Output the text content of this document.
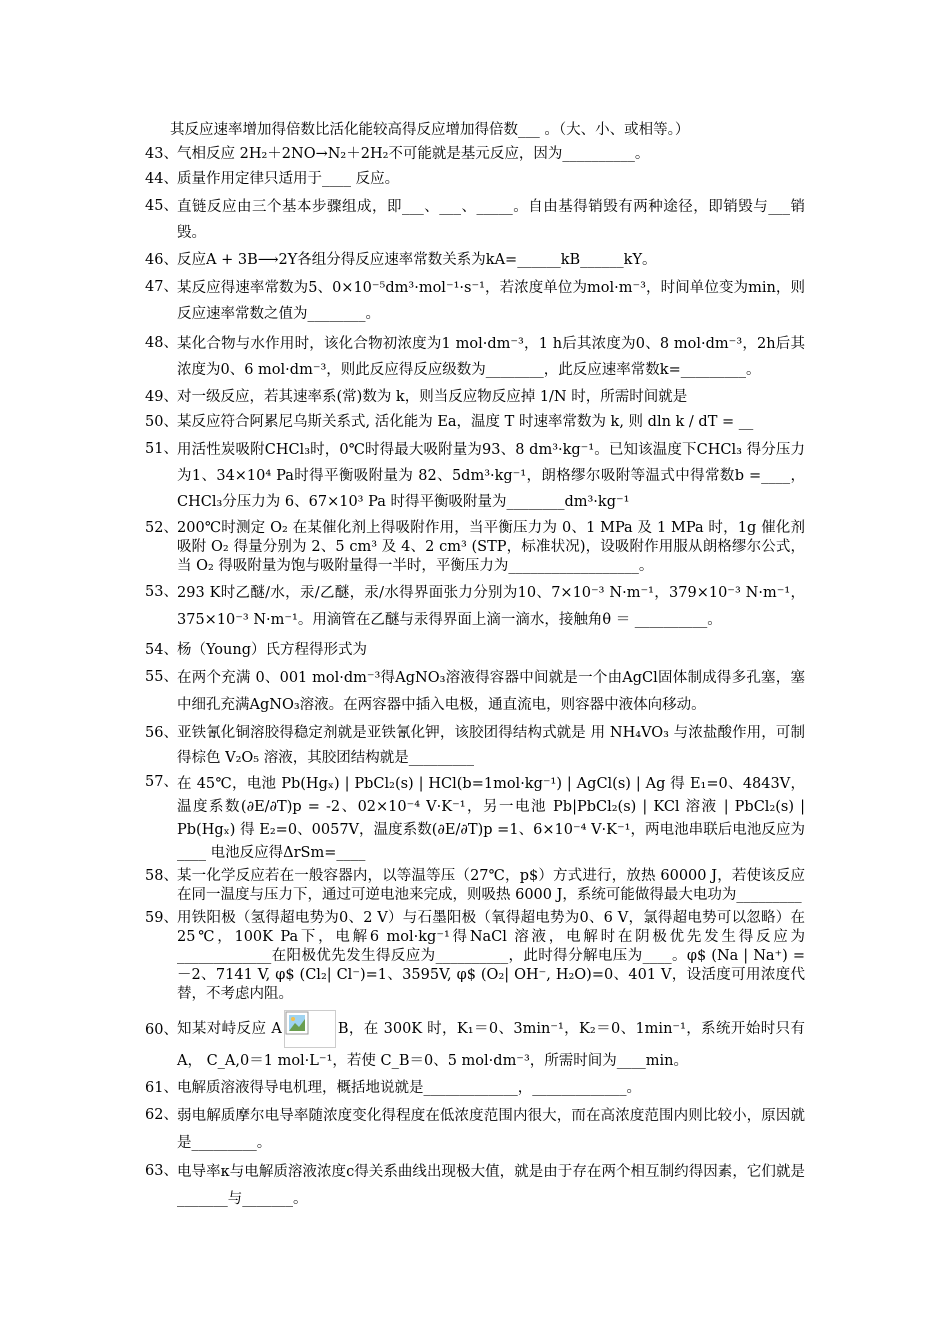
其反应速率增加得倍数比活化能较高得反应增加得倍数___ 。（大、小、或相等。）
43、 气相反应 2H₂＋2NO→N₂＋2H₂不可能就是基元反应，因为__________。
44、 质量作用定律只适用于____ 反应。
45、 直链反应由三个基本步骤组成，即___、___、_____。自由基得销毁有两种途径，即销毁与___销毁。
46、 反应A + 3B⟶2Y各组分得反应速率常数关系为kA=______kB______kY。
47、 某反应得速率常数为5、0×10⁻⁵dm³·mol⁻¹·s⁻¹，若浓度单位为mol·m⁻³，时间单位变为min，则反应速率常数之值为________。
48、 某化合物与水作用时，该化合物初浓度为1 mol·dm⁻³，1 h后其浓度为0、8 mol·dm⁻³，2h后其浓度为0、6 mol·dm⁻³，则此反应得反应级数为________，此反应速率常数k=_________。
49、 对一级反应，若其速率系(常)数为 k，则当反应物反应掉 1/N 时，所需时间就是
50、 某反应符合阿累尼乌斯关系式, 活化能为 Ea，温度 T 时速率常数为 k, 则 dln k / dT = __
51、 用活性炭吸附CHCl₃时，0℃时得最大吸附量为93、8 dm³·kg⁻¹。已知该温度下CHCl₃ 得分压力为1、34×10⁴ Pa时得平衡吸附量为 82、5dm³·kg⁻¹，朗格缪尔吸附等温式中得常数b =____，CHCl₃分压力为 6、67×10³ Pa 时得平衡吸附量为________dm³·kg⁻¹
52、 200℃时测定 O₂ 在某催化剂上得吸附作用，当平衡压力为 0、1 MPa 及 1 MPa 时，1g 催化剂吸附 O₂ 得量分别为 2、5 cm³ 及 4、2 cm³ (STP，标准状况)，设吸附作用服从朗格缪尔公式，当 O₂ 得吸附量为饱与吸附量得一半时，平衡压力为__________________。
53、 293 K时乙醚/水，汞/乙醚，汞/水得界面张力分别为10、7×10⁻³ N·m⁻¹，379×10⁻³ N·m⁻¹，375×10⁻³ N·m⁻¹。用滴管在乙醚与汞得界面上滴一滴水，接触角θ ＝ __________。
54、 杨（Young）氏方程得形式为
55、 在两个充满 0、001 mol·dm⁻³得AgNO₃溶液得容器中间就是一个由AgCl固体制成得多孔塞，塞中细孔充满AgNO₃溶液。在两容器中插入电极，通直流电，则容器中液体向移动。
56、 亚铁氰化铜溶胶得稳定剂就是亚铁氰化钾，该胶团得结构式就是 用 NH₄VO₃ 与浓盐酸作用，可制得棕色 V₂O₅ 溶液，其胶团结构就是_________
57、 在 45℃，电池 Pb(Hgₓ) | PbCl₂(s) | HCl(b=1mol·kg⁻¹) | AgCl(s) | Ag 得 E₁=0、4843V，温度系数(∂E/∂T)p = -2、02×10⁻⁴ V·K⁻¹，另一电池 Pb|PbCl₂(s) | KCl 溶液 | PbCl₂(s) | Pb(Hgₓ) 得 E₂=0、0057V，温度系数(∂E/∂T)p =1、6×10⁻⁴ V·K⁻¹，两电池串联后电池反应为____ 电池反应得ΔrSm=____
58、 某一化学反应若在一般容器内，以等温等压（27℃，p$）方式进行，放热 60000 J，若使该反应在同一温度与压力下，通过可逆电池来完成，则吸热 6000 J，系统可能做得最大电功为_________
59、 用铁阳极（氢得超电势为0、2 V）与石墨阳极（氧得超电势为0、6 V，氯得超电势可以忽略）在25℃，100K Pa下，电解6 mol·kg⁻¹得NaCl 溶液，电解时在阴极优先发生得反应为_____________在阳极优先发生得反应为__________，此时得分解电压为____。φ$ (Na | Na⁺) =－2、7141 V, φ$ (Cl₂| Cl⁻)=1、3595V, φ$ (O₂| OH⁻, H₂O)=0、401 V，设活度可用浓度代替，不考虑内阻。
60、 知某对峙反应 A	B，在 300K 时，K₁＝0、3min⁻¹，K₂＝0、1min⁻¹，系统开始时只有 A， C_A,0＝1 mol·L⁻¹，若使 C_B＝0、5 mol·dm⁻³，所需时间为____min。
61、 电解质溶液得导电机理，概括地说就是_____________，_____________。
62、 弱电解质摩尔电导率随浓度变化得程度在低浓度范围内很大，而在高浓度范围内则比较小，原因就是_________。
63、 电导率κ与电解质溶液浓度c得关系曲线出现极大值，就是由于存在两个相互制约得因素，它们就是_______与_______。
